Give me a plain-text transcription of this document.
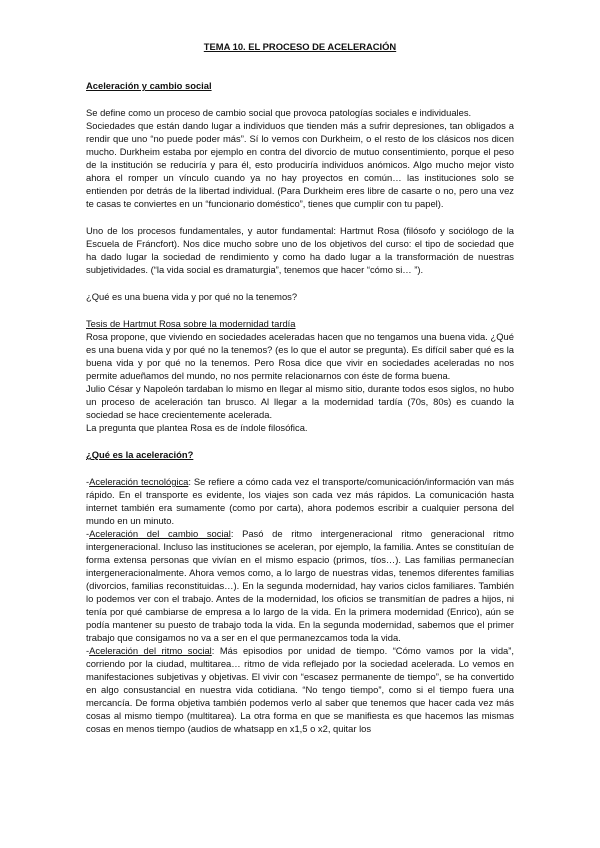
TEMA 10. EL PROCESO DE ACELERACIÓN
Aceleración y cambio social

Se define como un proceso de cambio social que provoca patologías sociales e individuales.

Sociedades que están dando lugar a individuos que tienden más a sufrir depresiones, tan obligados a rendir que uno “no puede poder más”. Sí lo vemos con Durkheim, o el resto de los clásicos nos dicen mucho. Durkheim estaba por ejemplo en contra del divorcio de mutuo consentimiento, porque el peso de la institución se reduciría y para él, esto produciría individuos anómicos. Algo mucho mejor visto ahora el romper un vínculo cuando ya no hay proyectos en común… las instituciones solo se entienden por detrás de la libertad individual. (Para Durkheim eres libre de casarte o no, pero una vez te casas te conviertes en un “funcionario doméstico”, tienes que cumplir con tu papel).

Uno de los procesos fundamentales, y autor fundamental: Hartmut Rosa (filósofo y sociólogo de la Escuela de Fráncfort). Nos dice mucho sobre uno de los objetivos del curso: el tipo de sociedad que ha dado lugar la sociedad de rendimiento y como ha dado lugar a la transformación de nuestras subjetividades. (“la vida social es dramaturgia”, tenemos que hacer “cómo si… ”).

¿Qué es una buena vida y por qué no la tenemos?

Tesis de Hartmut Rosa sobre la modernidad tardía

Rosa propone, que viviendo en sociedades aceleradas hacen que no tengamos una buena vida. ¿Qué es una buena vida y por qué no la tenemos? (es lo que el autor se pregunta). Es difícil saber qué es la buena vida y por qué no la tenemos. Pero Rosa dice que vivir en sociedades aceleradas no nos permite adueñamos del mundo, no nos permite relacionarnos con éste de forma buena.

Julio César y Napoleón tardaban lo mismo en llegar al mismo sitio, durante todos esos siglos, no hubo un proceso de aceleración tan brusco. Al llegar a la modernidad tardía (70s, 80s) es cuando la sociedad se hace crecientemente acelerada.

La pregunta que plantea Rosa es de índole filosófica.

¿Qué es la aceleración?

-Aceleración tecnológica: Se refiere a cómo cada vez el transporte/comunicación/información van más rápido. En el transporte es evidente, los viajes son cada vez más rápidos. La comunicación hasta internet también era sumamente (como por carta), ahora podemos escribir a cualquier persona del mundo en un minuto.

-Aceleración del cambio social: Pasó de ritmo intergeneracional ritmo generacional ritmo intergeneracional. Incluso las instituciones se aceleran, por ejemplo, la familia. Antes se constituían de forma extensa personas que vivían en el mismo espacio (primos, tíos…). Las familias permanecían intergeneracionalmente. Ahora vemos como, a lo largo de nuestras vidas, tenemos diferentes familias (divorcios, familias reconstituidas…). En la segunda modernidad, hay varios ciclos familiares. También lo podemos ver con el trabajo. Antes de la modernidad, los oficios se transmitían de padres a hijos, ni tenía por qué cambiarse de empresa a lo largo de la vida. En la primera modernidad (Enrico), aún se podía mantener su puesto de trabajo toda la vida. En la segunda modernidad, sabemos que el primer trabajo que consigamos no va a ser en el que permanezcamos toda la vida.

-Aceleración del ritmo social: Más episodios por unidad de tiempo. “Cómo vamos por la vida”, corriendo por la ciudad, multitarea… ritmo de vida reflejado por la sociedad acelerada. Lo vemos en manifestaciones subjetivas y objetivas. El vivir con “escasez permanente de tiempo”, se ha convertido en algo consustancial en nuestra vida cotidiana. “No tengo tiempo”, como si el tiempo fuera una mercancía. De forma objetiva también podemos verlo al saber que tenemos que hacer cada vez más cosas al mismo tiempo (multitarea). La otra forma en que se manifiesta es que hacemos las mismas cosas en menos tiempo (audios de whatsapp en x1,5 o x2, quitar los
